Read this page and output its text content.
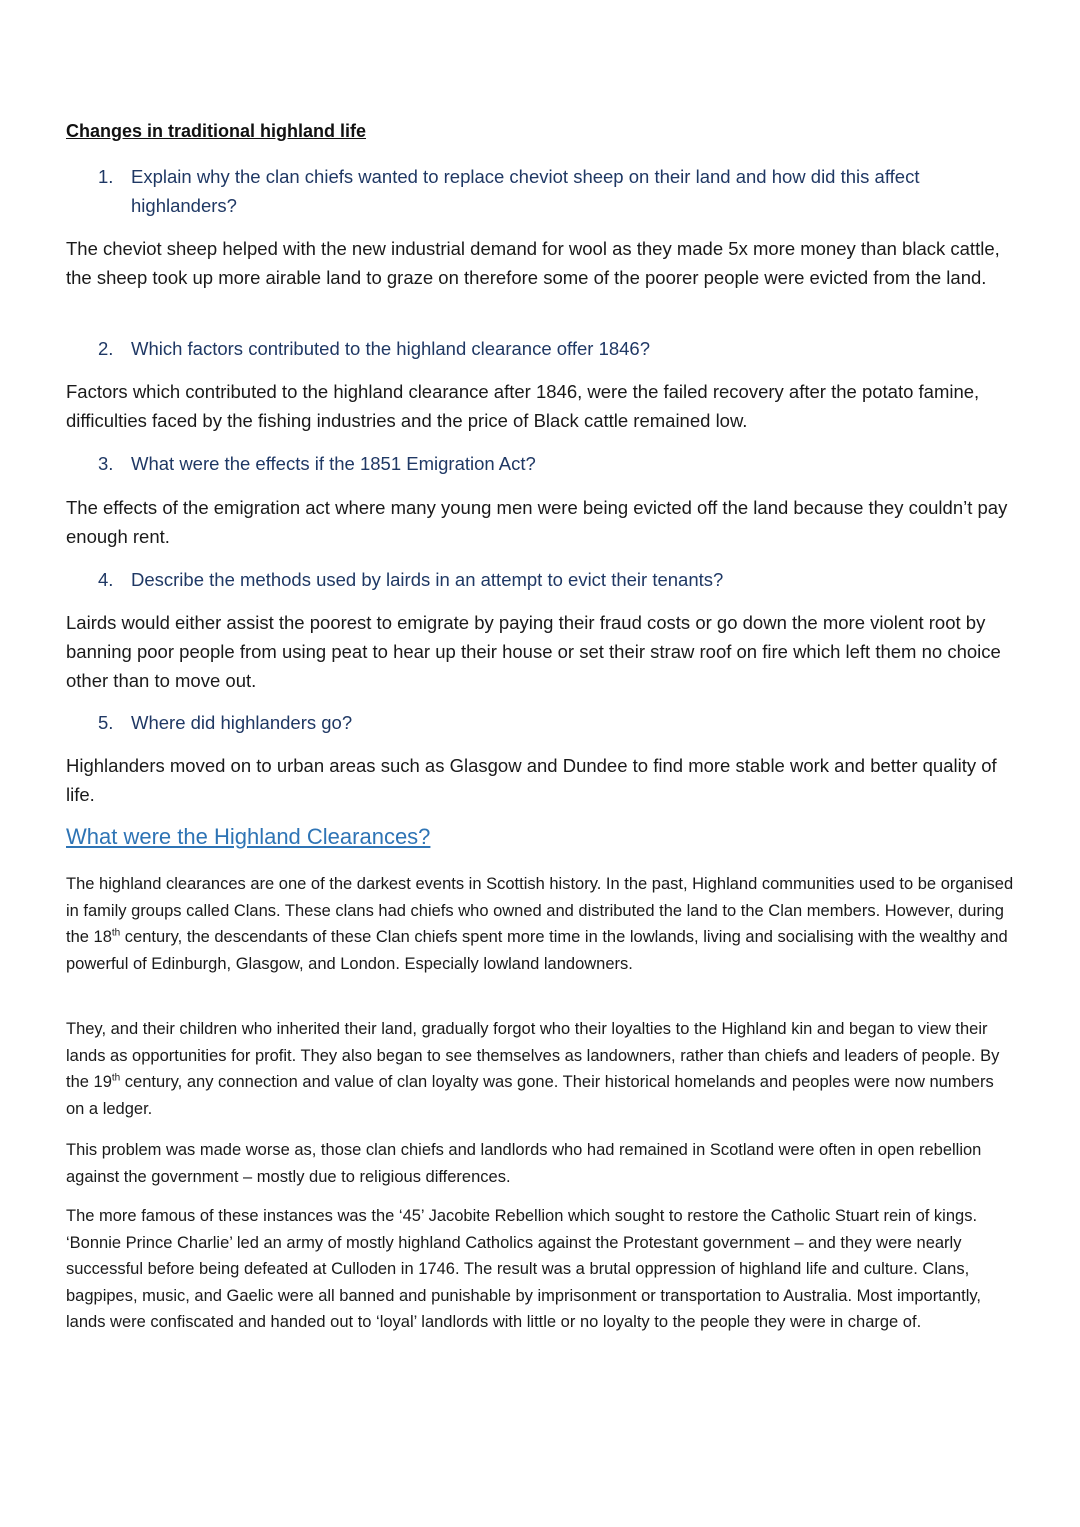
Changes in traditional highland life
1. Explain why the clan chiefs wanted to replace cheviot sheep on their land and how did this affect highlanders?
The cheviot sheep helped with the new industrial demand for wool as they made 5x more money than black cattle, the sheep took up more airable land to graze on therefore some of the poorer people were evicted from the land.
2. Which factors contributed to the highland clearance offer 1846?
Factors which contributed to the highland clearance after 1846, were the failed recovery after the potato famine, difficulties faced by the fishing industries and the price of Black cattle remained low.
3. What were the effects if the 1851 Emigration Act?
The effects of the emigration act where many young men were being evicted off the land because they couldn’t pay enough rent.
4. Describe the methods used by lairds in an attempt to evict their tenants?
Lairds would either assist the poorest to emigrate by paying their fraud costs or go down the more violent root by banning poor people from using peat to hear up their house or set their straw roof on fire which left them no choice other than to move out.
5. Where did highlanders go?
Highlanders moved on to urban areas such as Glasgow and Dundee to find more stable work and better quality of life.
What were the Highland Clearances?
The highland clearances are one of the darkest events in Scottish history. In the past, Highland communities used to be organised in family groups called Clans. These clans had chiefs who owned and distributed the land to the Clan members. However, during the 18th century, the descendants of these Clan chiefs spent more time in the lowlands, living and socialising with the wealthy and powerful of Edinburgh, Glasgow, and London. Especially lowland landowners.
They, and their children who inherited their land, gradually forgot who their loyalties to the Highland kin and began to view their lands as opportunities for profit. They also began to see themselves as landowners, rather than chiefs and leaders of people. By the 19th century, any connection and value of clan loyalty was gone. Their historical homelands and peoples were now numbers on a ledger.
This problem was made worse as, those clan chiefs and landlords who had remained in Scotland were often in open rebellion against the government – mostly due to religious differences.
The more famous of these instances was the ‘45’ Jacobite Rebellion which sought to restore the Catholic Stuart rein of kings. ‘Bonnie Prince Charlie’ led an army of mostly highland Catholics against the Protestant government – and they were nearly successful before being defeated at Culloden in 1746. The result was a brutal oppression of highland life and culture. Clans, bagpipes, music, and Gaelic were all banned and punishable by imprisonment or transportation to Australia. Most importantly, lands were confiscated and handed out to ‘loyal’ landlords with little or no loyalty to the people they were in charge of.
